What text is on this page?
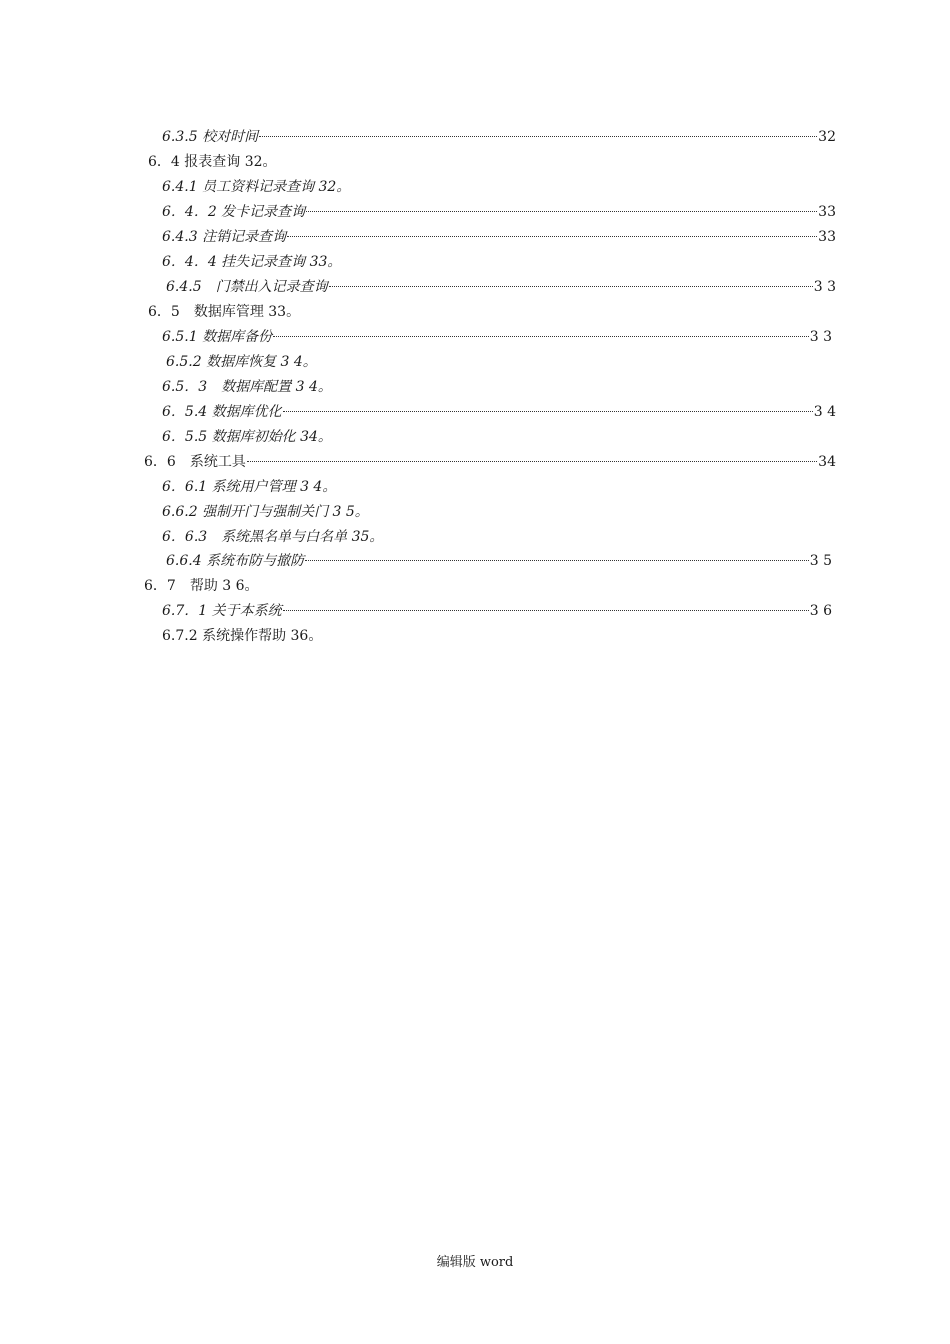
6.3.5 校对时间	32
6．4 报表查询 32。
6.4.1 员工资料记录查询 32。
6．4．2 发卡记录查询	33
6.4.3 注销记录查询	33
6．4．4 挂失记录查询 33。
6.4.5　门禁出入记录查询	3 3
6．5　数据库管理 33。
6.5.1 数据库备份	3 3
6.5.2 数据库恢复 3 4。
6.5．3　数据库配置 3 4。
6．5.4 数据库优化	3 4
6．5.5 数据库初始化 34。
6．6　系统工具	34
6．6.1 系统用户管理 3 4。
6.6.2 强制开门与强制关门 3 5。
6．6.3　系统黑名单与白名单 35。
6.6.4 系统布防与撤防	3 5
6．7　帮助 3 6。
6.7．1 关于本系统	3 6
6.7.2 系统操作帮助 36。
编辑版 word
